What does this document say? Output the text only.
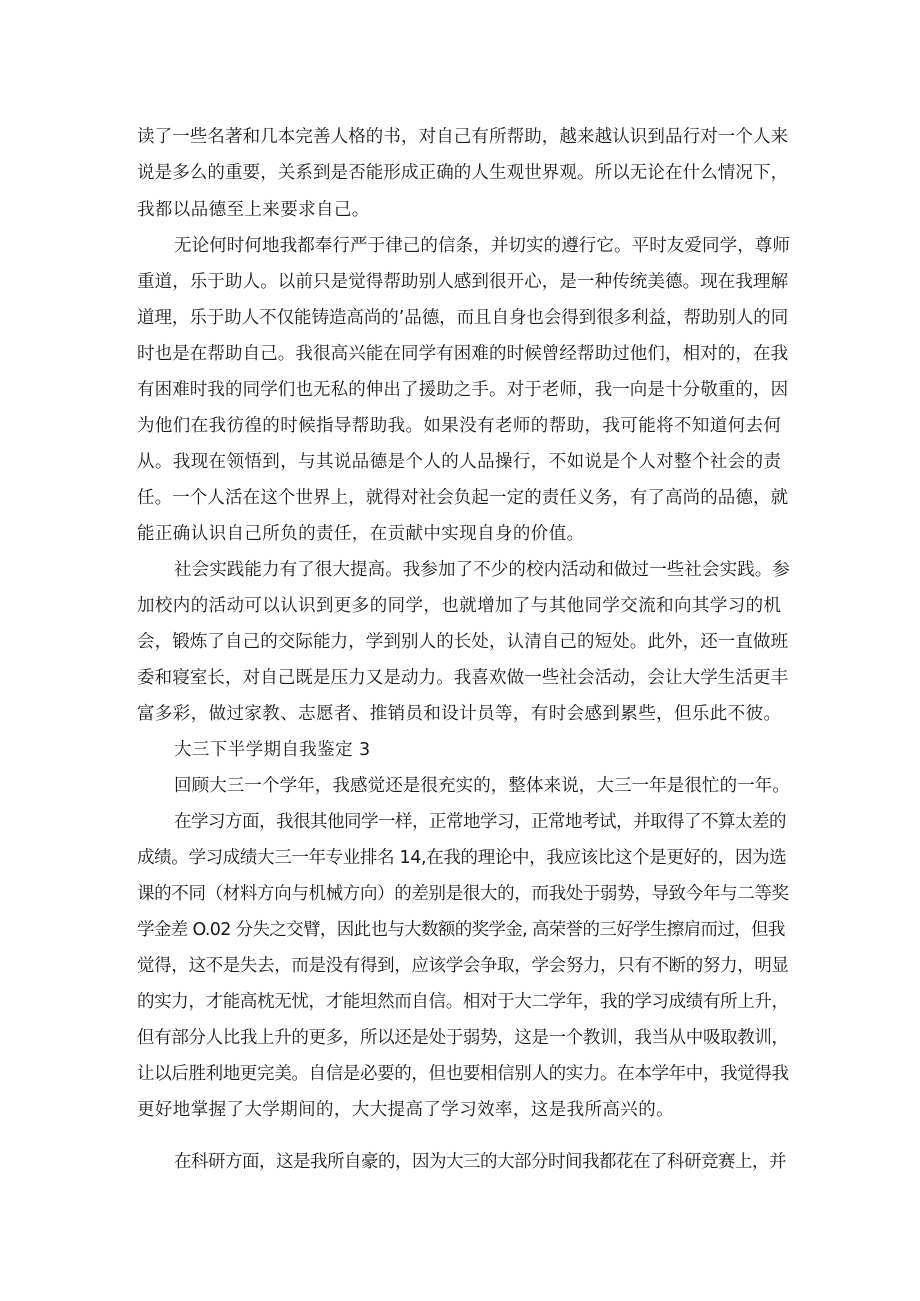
读了一些名著和几本完善人格的书，对自己有所帮助，越来越认识到品行对一个人来

说是多么的重要，关系到是否能形成正确的人生观世界观。所以无论在什么情况下，

我都以品德至上来要求自己。

无论何时何地我都奉行严于律己的信条，并切实的遵行它。平时友爱同学，尊师

重道，乐于助人。以前只是觉得帮助别人感到很开心，是一种传统美德。现在我理解

道理，乐于助人不仅能铸造高尚的’品德，而且自身也会得到很多利益，帮助别人的同

时也是在帮助自己。我很高兴能在同学有困难的时候曾经帮助过他们，相对的，在我

有困难时我的同学们也无私的伸出了援助之手。对于老师，我一向是十分敬重的，因

为他们在我彷徨的时候指导帮助我。如果没有老师的帮助，我可能将不知道何去何

从。我现在领悟到，与其说品德是个人的人品操行，不如说是个人对整个社会的责

任。一个人活在这个世界上，就得对社会负起一定的责任义务，有了高尚的品德，就

能正确认识自己所负的责任，在贡献中实现自身的价值。

社会实践能力有了很大提高。我参加了不少的校内活动和做过一些社会实践。参

加校内的活动可以认识到更多的同学，也就增加了与其他同学交流和向其学习的机

会，锻炼了自己的交际能力，学到别人的长处，认清自己的短处。此外，还一直做班

委和寝室长，对自己既是压力又是动力。我喜欢做一些社会活动，会让大学生活更丰

富多彩，做过家教、志愿者、推销员和设计员等，有时会感到累些，但乐此不彼。

大三下半学期自我鉴定 3

回顾大三一个学年，我感觉还是很充实的，整体来说，大三一年是很忙的一年。

在学习方面，我很其他同学一样，正常地学习，正常地考试，并取得了不算太差的

成绩。学习成绩大三一年专业排名 14,在我的理论中，我应该比这个是更好的，因为选

课的不同（材料方向与机械方向）的差别是很大的，而我处于弱势，导致今年与二等奖

学金差 O.02 分失之交臂，因此也与大数额的奖学金, 高荣誉的三好学生擦肩而过，但我

觉得，这不是失去，而是没有得到，应该学会争取，学会努力，只有不断的努力，明显

的实力，才能高枕无忧，才能坦然而自信。相对于大二学年，我的学习成绩有所上升，

但有部分人比我上升的更多，所以还是处于弱势，这是一个教训，我当从中吸取教训，

让以后胜利地更完美。自信是必要的，但也要相信别人的实力。在本学年中，我觉得我

更好地掌握了大学期间的，大大提高了学习效率，这是我所高兴的。

在科研方面，这是我所自豪的，因为大三的大部分时间我都花在了科研竞赛上，并
